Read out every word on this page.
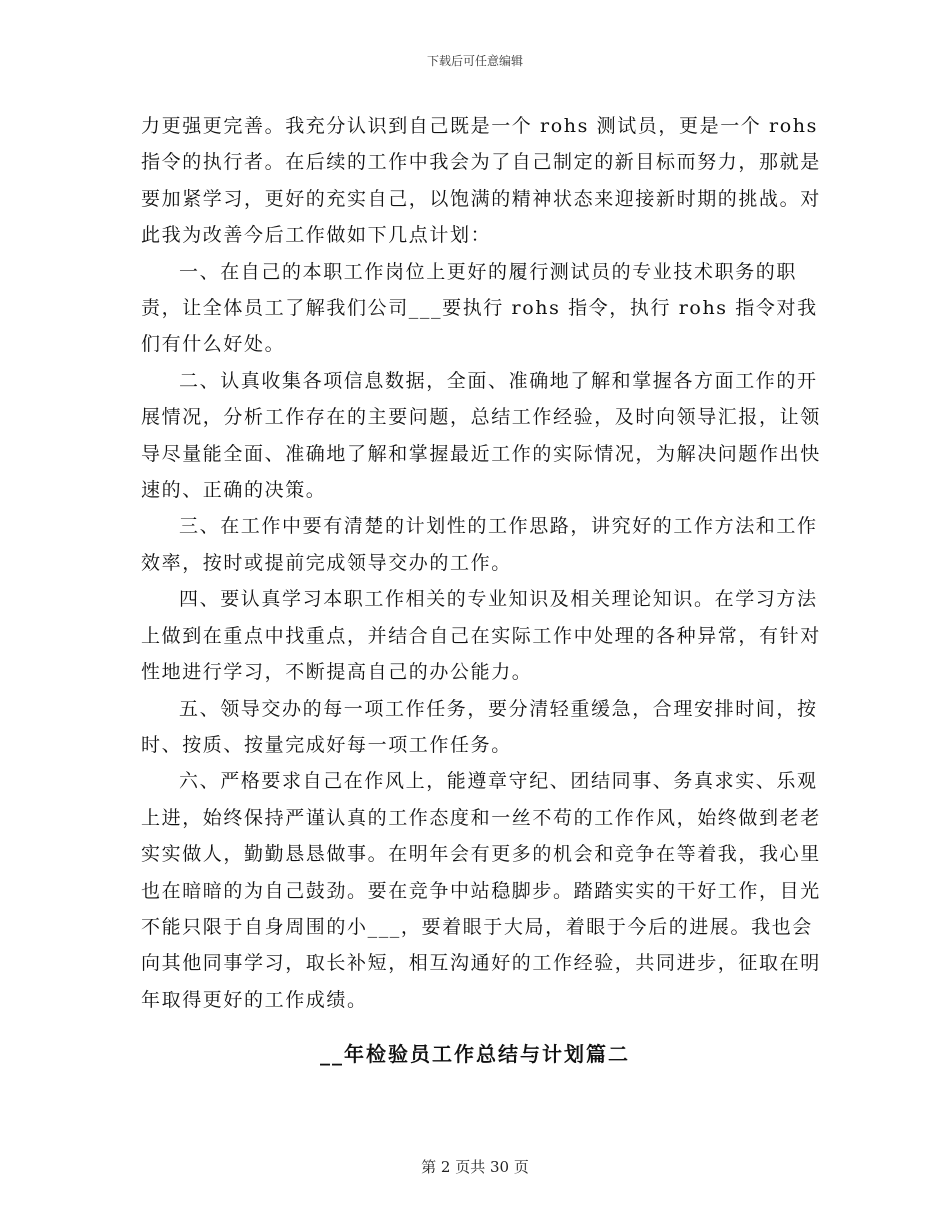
下载后可任意编辑

力更强更完善。我充分认识到自己既是一个 rohs 测试员，更是一个 rohs 指令的执行者。在后续的工作中我会为了自己制定的新目标而努力，那就是要加紧学习，更好的充实自己，以饱满的精神状态来迎接新时期的挑战。对此我为改善今后工作做如下几点计划：

一、在自己的本职工作岗位上更好的履行测试员的专业技术职务的职责，让全体员工了解我们公司___要执行 rohs 指令，执行 rohs 指令对我们有什么好处。

二、认真收集各项信息数据，全面、准确地了解和掌握各方面工作的开展情况，分析工作存在的主要问题，总结工作经验，及时向领导汇报，让领导尽量能全面、准确地了解和掌握最近工作的实际情况，为解决问题作出快速的、正确的决策。

三、在工作中要有清楚的计划性的工作思路，讲究好的工作方法和工作效率，按时或提前完成领导交办的工作。

四、要认真学习本职工作相关的专业知识及相关理论知识。在学习方法上做到在重点中找重点，并结合自己在实际工作中处理的各种异常，有针对性地进行学习，不断提高自己的办公能力。

五、领导交办的每一项工作任务，要分清轻重缓急，合理安排时间，按时、按质、按量完成好每一项工作任务。

六、严格要求自己在作风上，能遵章守纪、团结同事、务真求实、乐观上进，始终保持严谨认真的工作态度和一丝不苟的工作作风，始终做到老老实实做人，勤勤恳恳做事。在明年会有更多的机会和竞争在等着我，我心里也在暗暗的为自己鼓劲。要在竞争中站稳脚步。踏踏实实的干好工作，目光不能只限于自身周围的小___，要着眼于大局，着眼于今后的进展。我也会向其他同事学习，取长补短，相互沟通好的工作经验，共同进步，征取在明年取得更好的工作成绩。

__年检验员工作总结与计划篇二
第 2 页共 30 页
